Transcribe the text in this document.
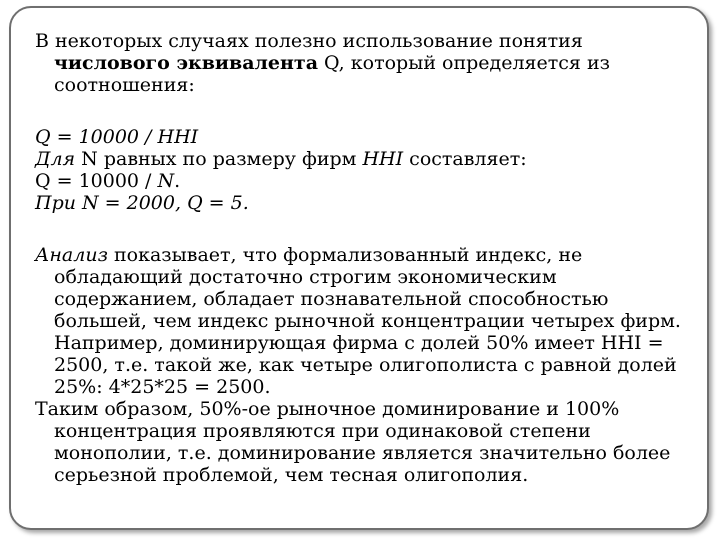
В некоторых случаях полезно использование понятия числового эквивалента Q, который определяется из соотношения:

Q = 10000 / HHI

Для N равных по размеру фирм HHI составляет:

Q = 10000 / N.

При N = 2000, Q = 5.

Анализ показывает, что формализованный индекс, не обладающий достаточно строгим экономическим содержанием, обладает познавательной способностью большей, чем индекс рыночной концентрации четырех фирм. Например, доминирующая фирма с долей 50% имеет HHI = 2500, т.е. такой же, как четыре олигополиста с равной долей 25%: 4*25*25 = 2500.

Таким образом, 50%-ое рыночное доминирование и 100% концентрация проявляются при одинаковой степени монополии, т.е. доминирование является значительно более серьезной проблемой, чем тесная олигополия.
